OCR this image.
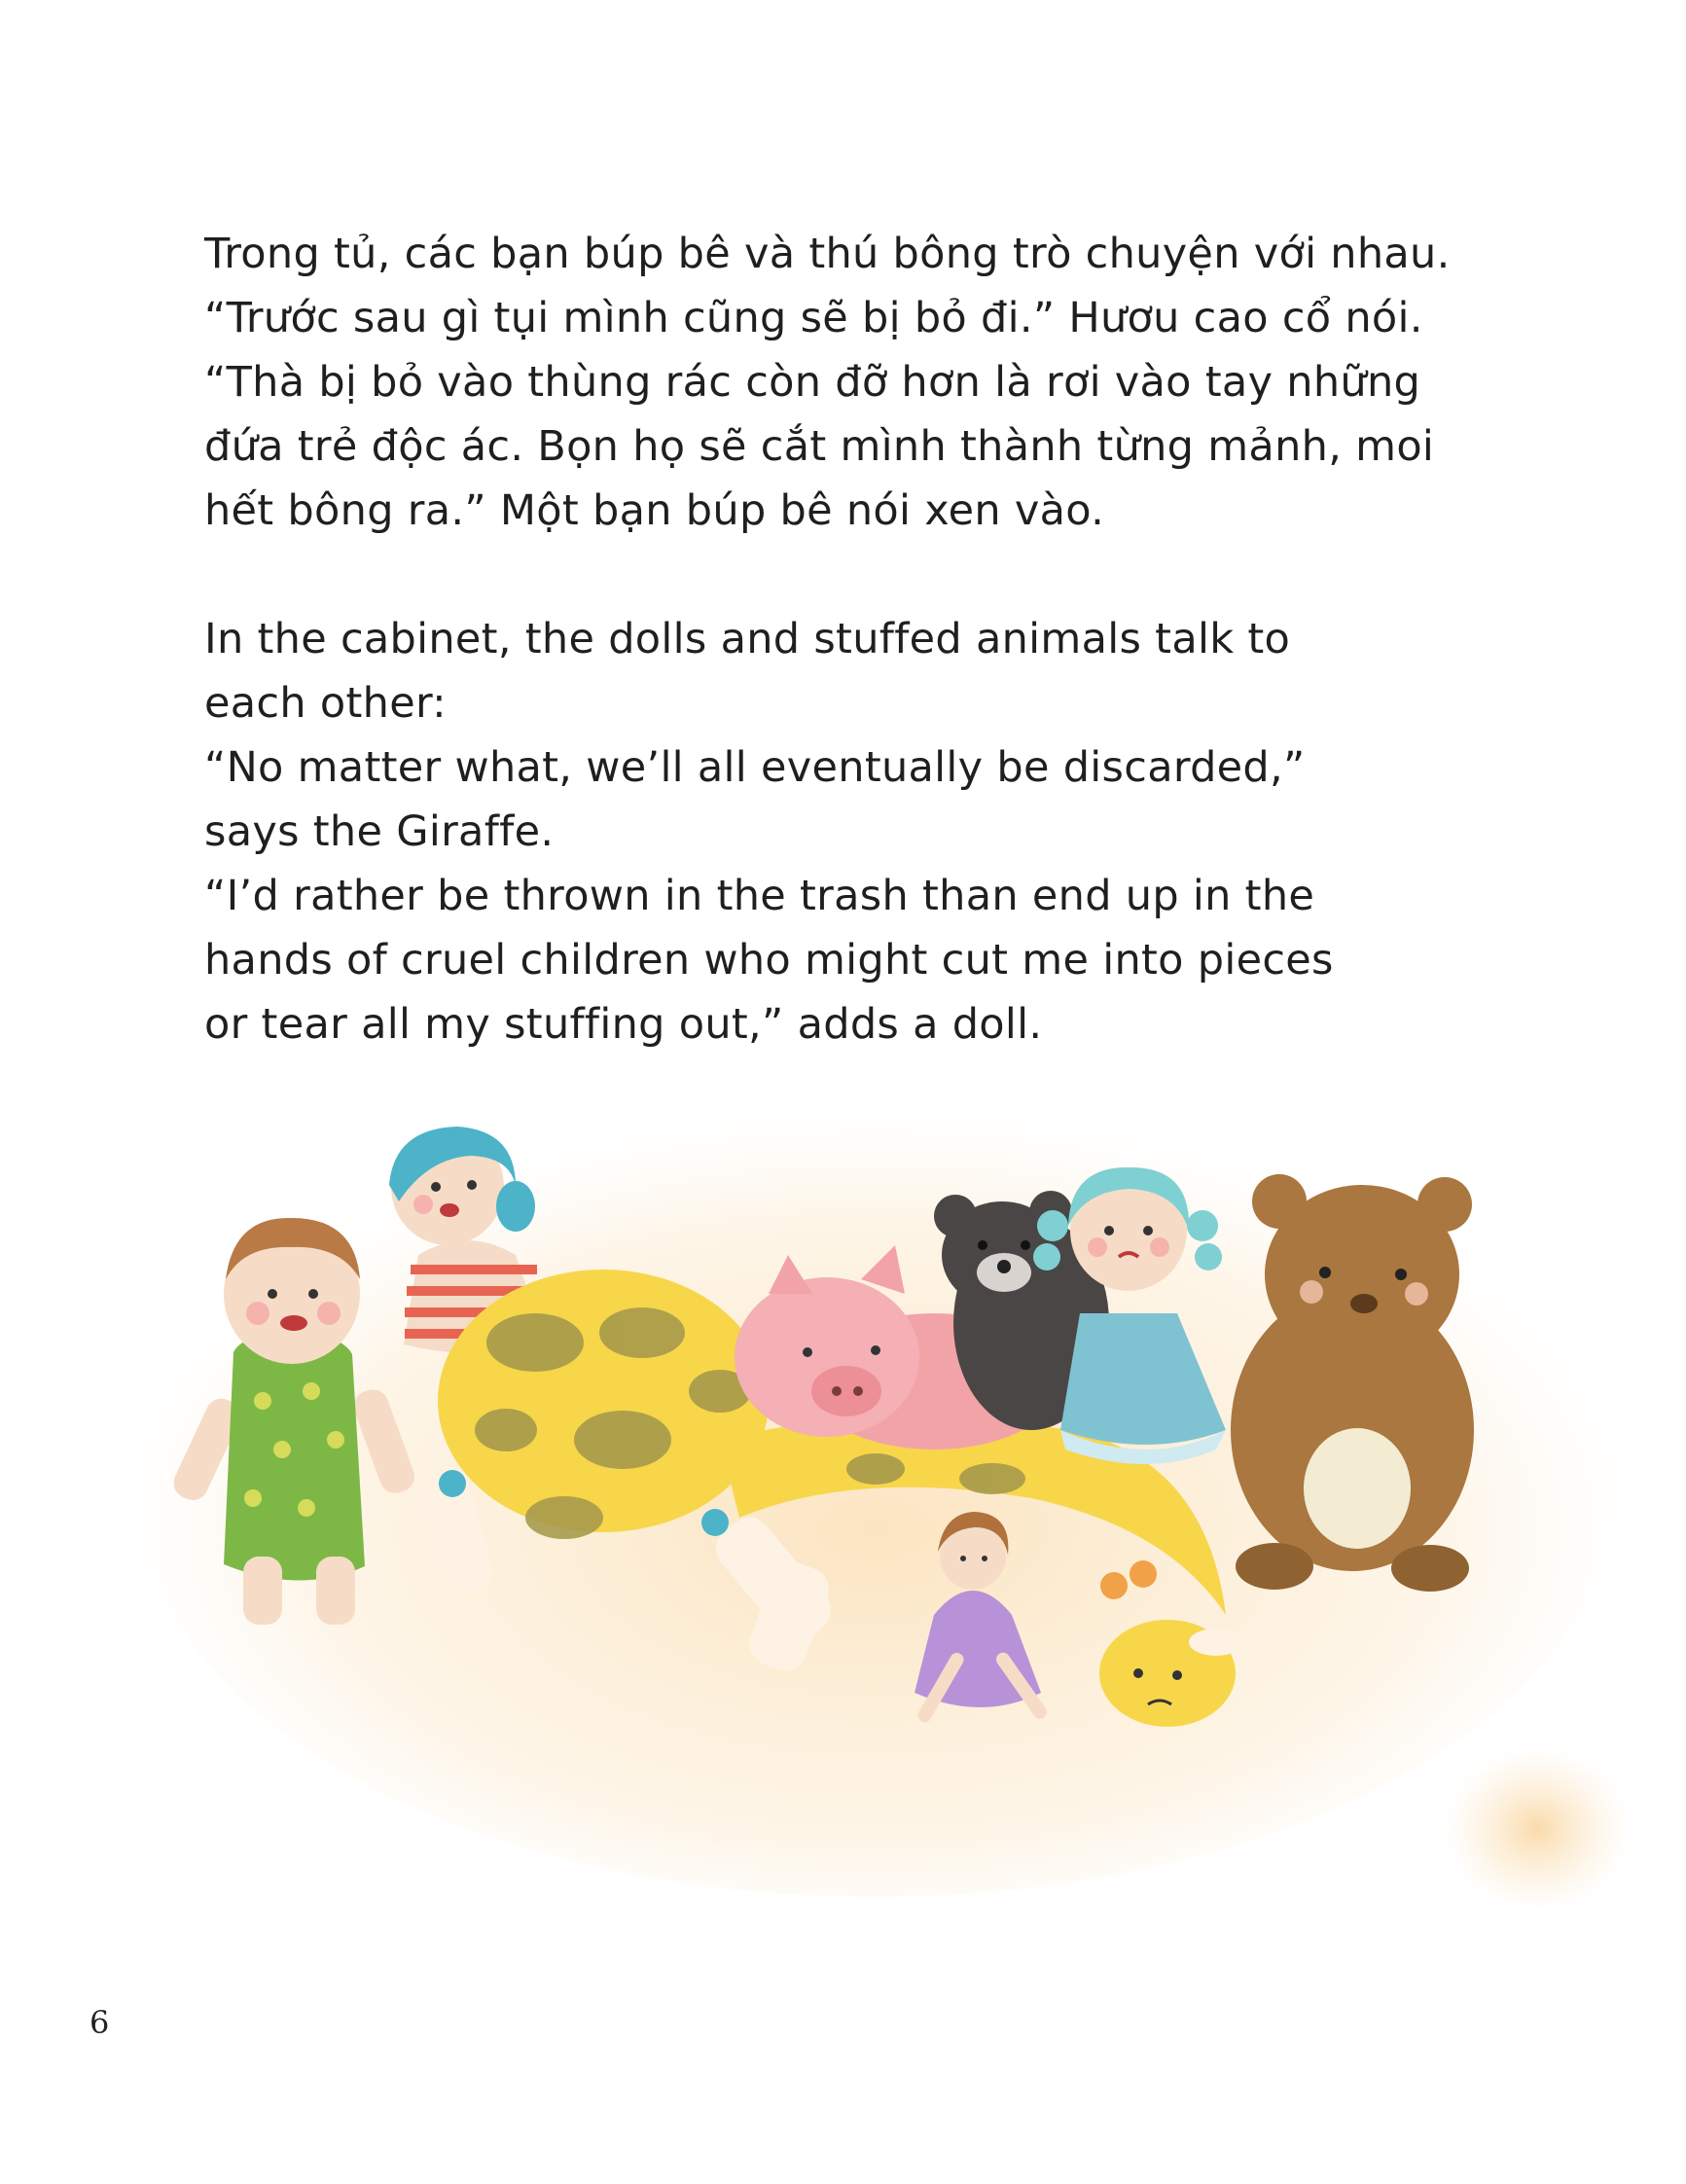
Trong tủ, các bạn búp bê và thú bông trò chuyện với nhau.
“Trước sau gì tụi mình cũng sẽ bị bỏ đi.” Hươu cao cổ nói.
“Thà bị bỏ vào thùng rác còn đỡ hơn là rơi vào tay những
đứa trẻ độc ác. Bọn họ sẽ cắt mình thành từng mảnh, moi
hết bông ra.” Một bạn búp bê nói xen vào.

In the cabinet, the dolls and stuffed animals talk to
each other:
“No matter what, we’ll all eventually be discarded,”
says the Giraffe.
“I’d rather be thrown in the trash than end up in the
hands of cruel children who might cut me into pieces
or tear all my stuffing out,” adds a doll.

6
